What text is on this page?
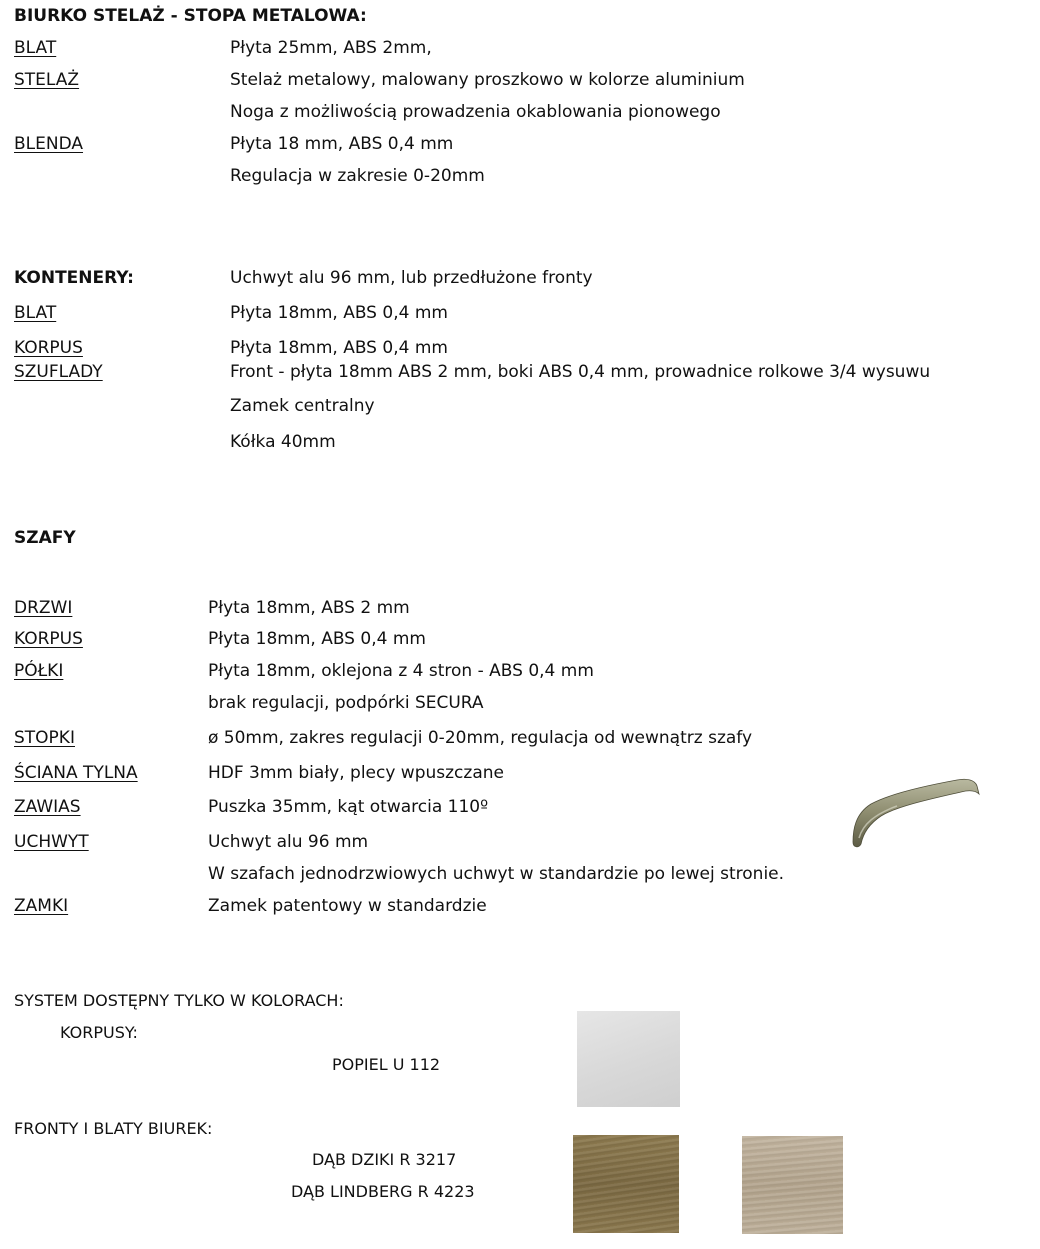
BIURKO STELAŻ - STOPA METALOWA:
BLAT	Płyta 25mm, ABS 2mm,
STELAŻ	Stelaż metalowy, malowany proszkowo w kolorze aluminium
Noga z możliwością prowadzenia okablowania pionowego
BLENDA	Płyta 18 mm, ABS 0,4 mm
Regulacja w zakresie 0-20mm
KONTENERY:	Uchwyt alu 96 mm, lub przedłużone fronty
BLAT	Płyta 18mm, ABS 0,4 mm
KORPUS	Płyta 18mm, ABS 0,4 mm
SZUFLADY	Front - płyta 18mm ABS 2 mm, boki ABS 0,4 mm, prowadnice rolkowe 3/4 wysuwu
Zamek centralny
Kółka 40mm
SZAFY
DRZWI	Płyta 18mm, ABS 2 mm
KORPUS	Płyta 18mm, ABS 0,4 mm
PÓŁKI	Płyta 18mm, oklejona z 4 stron - ABS 0,4 mm
brak regulacji, podpórki SECURA
STOPKI	ø 50mm, zakres regulacji 0-20mm, regulacja od wewnątrz szafy
ŚCIANA TYLNA	HDF 3mm biały, plecy wpuszczane
ZAWIAS	Puszka 35mm, kąt otwarcia 110º
UCHWYT	Uchwyt alu 96 mm
W szafach jednodrzwiowych uchwyt w standardzie po lewej stronie.
ZAMKI	Zamek patentowy w standardzie
SYSTEM DOSTĘPNY TYLKO W KOLORACH:
KORPUSY:
POPIEL U 112
FRONTY I BLATY BIUREK:
DĄB DZIKI R 3217
DĄB LINDBERG R 4223
